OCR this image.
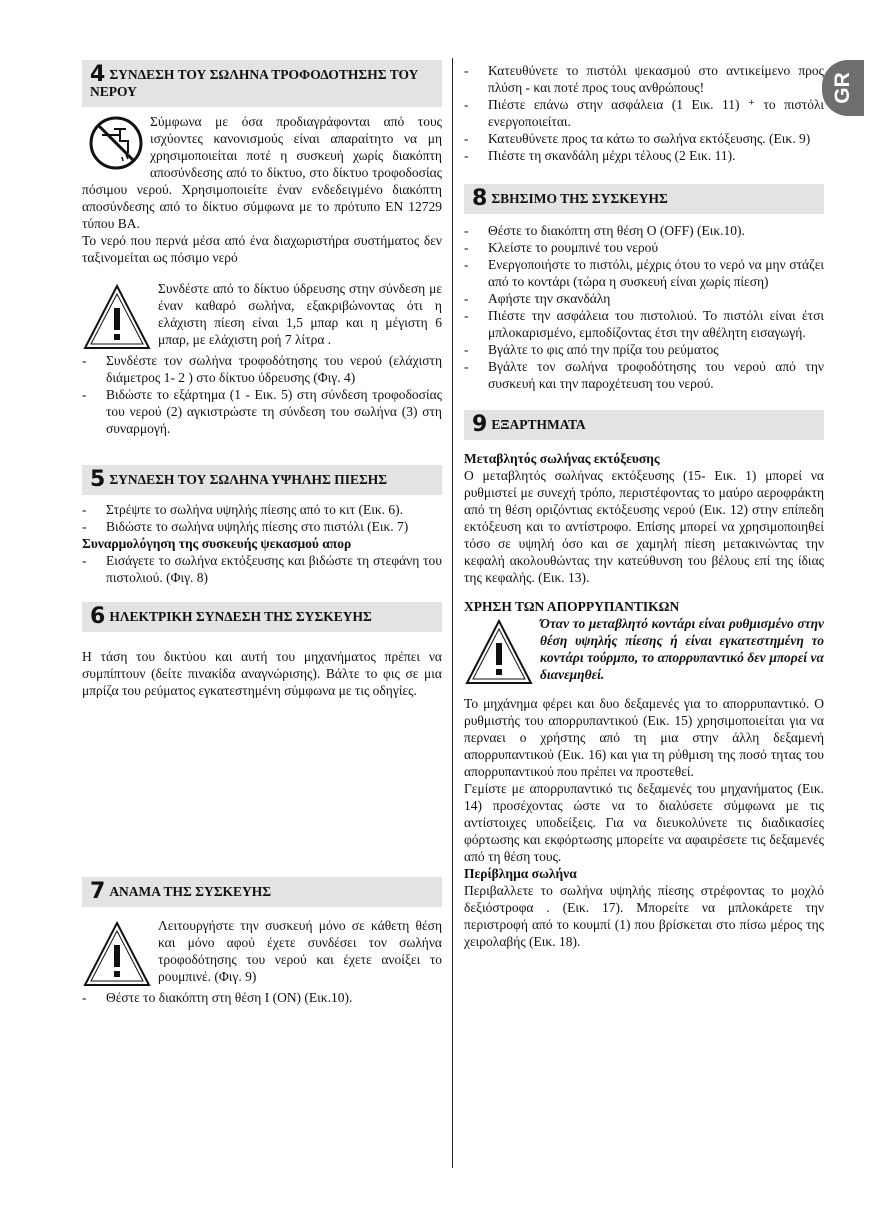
GR
4 ΣΥΝΔΕΣΗ ΤΟΥ ΣΩΛΗΝΑ ΤΡΟΦΟΔΟΤΗΣΗΣ ΤΟΥ ΝΕΡΟΥ

Σύμφωνα με όσα προδιαγράφονται από τους ισχύοντες κανονισμούς είναι απαραίτητο να μη χρησιμοποιείται ποτέ η συσκευή χωρίς διακόπτη αποσύνδεσης από το δίκτυο, στο δίκτυο τροφοδοσίας πόσιμου νερού. Χρησιμοποιείτε έναν ενδεδειγμένο διακόπτη αποσύνδεσης από το δίκτυο σύμφωνα με το πρότυπο EN 12729 τύπου BA.

Το νερό που περνά μέσα από ένα διαχωριστήρα συστήματος δεν ταξινομείται ως πόσιμο νερό

Συνδέστε από το δίκτυο ύδρευσης στην σύνδεση με έναν καθαρό σωλήνα, εξακριβώνοντας ότι η ελάχιστη πίεση είναι 1,5 μπαρ και η μέγιστη 6 μπαρ, με ελάχιστη ροή 7 λίτρα .

- Συνδέστε τον σωλήνα τροφοδότησης του νερού (ελάχιστη διάμετρος 1- 2 ) στο δίκτυο ύδρευσης (Φιγ. 4)

- Βιδώστε το εξάρτημα (1 - Εικ. 5) στη σύνδεση τροφοδοσίας του νερού (2) αγκιστρώστε τη σύνδεση του σωλήνα (3) στη συναρμογή.

5 ΣΥΝΔΕΣΗ ΤΟΥ ΣΩΛΗΝΑ ΥΨΗΛΗΣ ΠΙΕΣΗΣ

- Στρέψτε το σωλήνα υψηλής πίεσης από το κιτ (Εικ. 6).

- Βιδώστε το σωλήνα υψηλής πίεσης στο πιστόλι (Εικ. 7)

Συναρμολόγηση της συσκευής ψεκασμού απορ

- Εισάγετε το σωλήνα εκτόξευσης και βιδώστε τη στεφάνη του πιστολιού. (Φιγ. 8)

6 ΗΛΕΚΤΡΙΚΗ ΣΥΝΔΕΣΗ ΤΗΣ ΣΥΣΚΕΥΗΣ

Η τάση του δικτύου και αυτή του μηχανήματος πρέπει να συμπίπτουν (δείτε πινακίδα αναγνώρισης). Βάλτε το φις σε μια μπρίζα του ρεύματος εγκατεστημένη σύμφωνα με τις οδηγίες.

7 ΑΝΑΜΑ ΤΗΣ ΣΥΣΚΕΥΗΣ

Λειτουργήστε την συσκευή μόνο σε κάθετη θέση και μόνο αφού έχετε συνδέσει τον σωλήνα τροφοδότησης του νερού και έχετε ανοίξει το ρουμπινέ. (Φιγ. 9)

- Θέστε το διακόπτη στη θέση I (ON) (Εικ.10).

- Κατευθύνετε το πιστόλι ψεκασμού στο αντικείμενο προς πλύση - και ποτέ προς τους ανθρώπους!

- Πιέστε επάνω στην ασφάλεια (1 Εικ. 11) ⁺ το πιστόλι ενεργοποιείται.

- Κατευθύνετε προς τα κάτω το σωλήνα εκτόξευσης. (Εικ. 9)

- Πιέστε τη σκανδάλη μέχρι τέλους (2 Εικ. 11).

8 ΣΒΗΣΙΜΟ ΤΗΣ ΣΥΣΚΕΥΗΣ

- Θέστε το διακόπτη στη θέση O (OFF) (Εικ.10).

- Κλείστε το ρουμπινέ του νερού

- Ενεργοποιήστε το πιστόλι, μέχρις ότου το νερό να μην στάζει από το κοντάρι (τώρα η συσκευή είναι χωρίς πίεση)

- Αφήστε την σκανδάλη

- Πιέστε την ασφάλεια του πιστολιού. Το πιστόλι είναι έτσι μπλοκαρισμένο, εμποδίζοντας έτσι την αθέλητη εισαγωγή.

- Βγάλτε το φις από την πρίζα του ρεύματος

- Βγάλτε τον σωλήνα τροφοδότησης του νερού από την συσκευή και την παροχέτευση του νερού.

9 ΕΞΑΡΤΗΜΑΤΑ

Μεταβλητός σωλήνας εκτόξευσης

Ο μεταβλητός σωλήνας εκτόξευσης (15- Εικ. 1) μπορεί να ρυθμιστεί με συνεχή τρόπο, περιστέφοντας το μαύρο αεροφράκτη από τη θέση οριζόντιας εκτόξευσης νερού (Εικ. 12) στην επίπεδη εκτόξευση και το αντίστροφο. Επίσης μπορεί να χρησιμοποιηθεί τόσο σε υψηλή όσο και σε χαμηλή πίεση μετακινώντας την κεφαλή ακολουθώντας την κατεύθυνση του βέλους επί της ίδιας της κεφαλής. (Εικ. 13).

ΧΡΗΣΗ ΤΩΝ ΑΠΟΡΡΥΠΑΝΤΙΚΩΝ

Όταν το μεταβλητό κοντάρι είναι ρυθμισμένο στην θέση υψηλής πίεσης ή είναι εγκατεστημένη το κοντάρι τούρμπο, το απορρυπαντικό δεν μπορεί να διανεμηθεί.

Το μηχάνημα φέρει και δυο δεξαμενές για το απορρυπαντικό. Ο ρυθμιστής του απορρυπαντικού (Εικ. 15) χρησιμοποιείται για να περναει ο χρήστης από τη μια στην άλλη δεξαμενή απορρυπαντικού (Εικ. 16) και για τη ρύθμιση της ποσό τητας του απορρυπαντικού που πρέπει να προστεθεί.

Γεμίστε με απορρυπαντικό τις δεξαμενές του μηχανήματος (Εικ. 14) προσέχοντας ώστε να το διαλύσετε σύμφωνα με τις αντίστοιχες υποδείξεις. Για να διευκολύνετε τις διαδικασίες φόρτωσης και εκφόρτωσης μπορείτε να αφαιρέσετε τις δεξαμενές από τη θέση τους.

Περίβλημα σωλήνα

Περιβαλλετε το σωλήνα υψηλής πίεσης στρέφοντας το μοχλό δεξιόστροφα . (Εικ. 17). Μπορείτε να μπλοκάρετε την περιστροφή από το κουμπί (1) που βρίσκεται στο πίσω μέρος της χειρολαβής (Εικ. 18).
